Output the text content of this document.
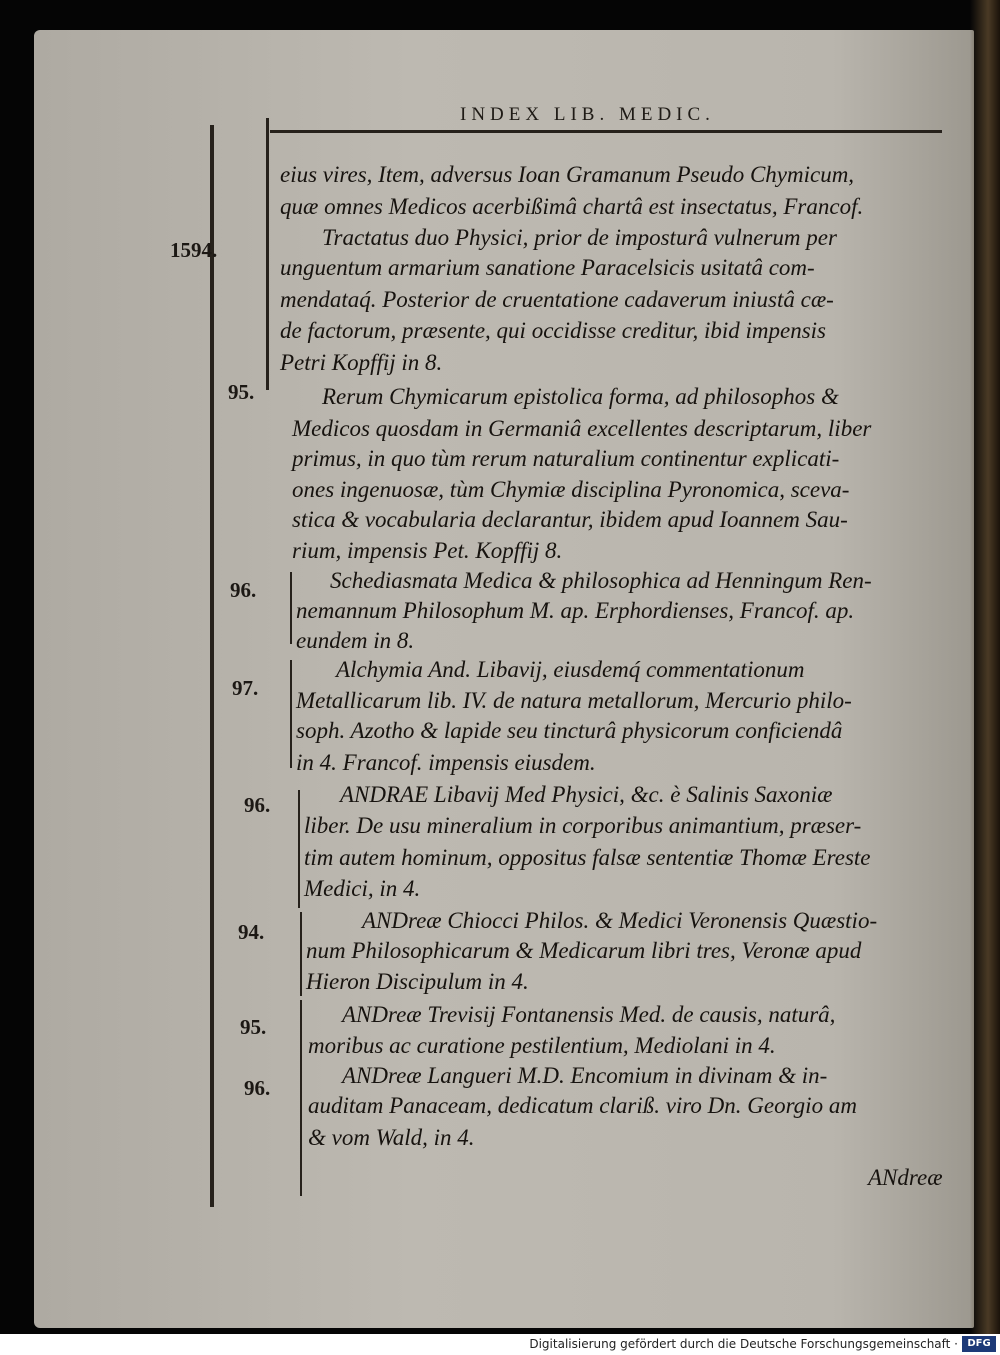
INDEX LIB. MEDIC.
1594.
95.
96.
97.
96.
94.
95.
96.
eius vires, Item, adversus Ioan Gramanum Pseudo Chymicum,
quæ omnes Medicos acerbißimâ chartâ est insectatus, Francof.
Tractatus duo Physici, prior de imposturâ vulnerum per
unguentum armarium sanatione Paracelsicis usitatâ com-
mendataq́. Posterior de cruentatione cadaverum iniustâ cæ-
de factorum, præsente, qui occidisse creditur, ibid impensis
Petri Kopffij in 8.
Rerum Chymicarum epistolica forma, ad philosophos &
Medicos quosdam in Germaniâ excellentes descriptarum, liber
primus, in quo tùm rerum naturalium continentur explicati-
ones ingenuosæ, tùm Chymiæ disciplina Pyronomica, sceva-
stica & vocabularia declarantur, ibidem apud Ioannem Sau-
rium, impensis Pet. Kopffij 8.
Schediasmata Medica & philosophica ad Henningum Ren-
nemannum Philosophum M. ap. Erphordienses, Francof. ap.
eundem in 8.
Alchymia And. Libavij, eiusdemq́ commentationum
Metallicarum lib. IV. de natura metallorum, Mercurio philo-
soph. Azotho & lapide seu tincturâ physicorum conficiendâ
in 4. Francof. impensis eiusdem.
ANDRAE Libavij Med Physici, &c. è Salinis Saxoniæ
liber. De usu mineralium in corporibus animantium, præser-
tim autem hominum, oppositus falsæ sententiæ Thomæ Ereste
Medici, in 4.
ANDreæ Chiocci Philos. & Medici Veronensis Quæstio-
num Philosophicarum & Medicarum libri tres, Veronæ apud
Hieron Discipulum in 4.
ANDreæ Trevisij Fontanensis Med. de causis, naturâ,
moribus ac curatione pestilentium, Mediolani in 4.
ANDreæ Langueri M.D. Encomium in divinam & in-
auditam Panaceam, dedicatum clariß. viro Dn. Georgio am
& vom Wald, in 4.
ANdreæ
Digitalisierung gefördert durch die Deutsche Forschungsgemeinschaft · DFG
